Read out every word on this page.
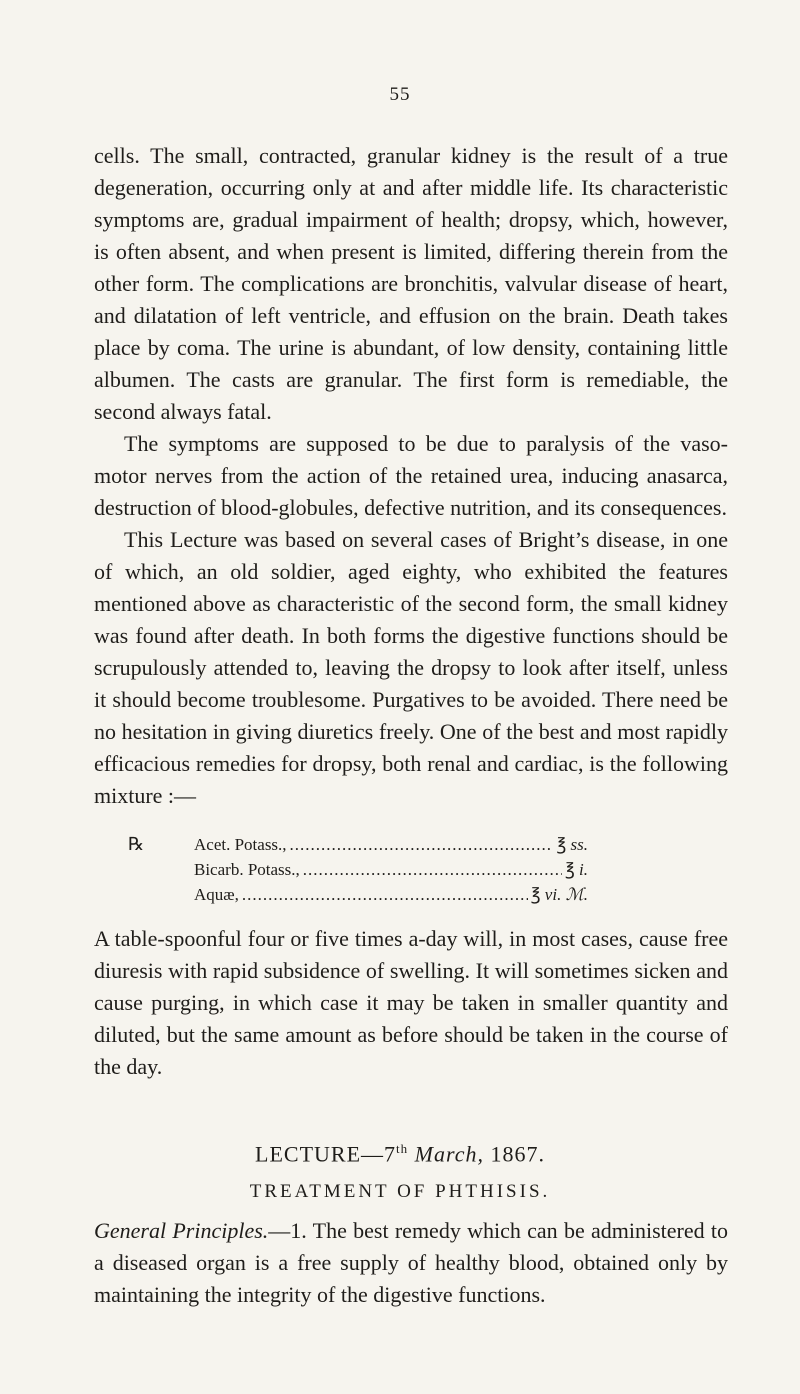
55

cells. The small, contracted, granular kidney is the result of a true degeneration, occurring only at and after middle life. Its characteristic symptoms are, gradual impairment of health; dropsy, which, however, is often absent, and when present is limited, differing therein from the other form. The complications are bronchitis, valvular disease of heart, and dilatation of left ventricle, and effusion on the brain. Death takes place by coma. The urine is abundant, of low density, containing little albumen. The casts are granular. The first form is remediable, the second always fatal.

The symptoms are supposed to be due to paralysis of the vaso-motor nerves from the action of the retained urea, inducing anasarca, destruction of blood-globules, defective nutrition, and its consequences.

This Lecture was based on several cases of Bright’s disease, in one of which, an old soldier, aged eighty, who exhibited the features mentioned above as characteristic of the second form, the small kidney was found after death. In both forms the digestive functions should be scrupulously attended to, leaving the dropsy to look after itself, unless it should become troublesome. Purgatives to be avoided. There need be no hesitation in giving diuretics freely. One of the best and most rapidly efficacious remedies for dropsy, both renal and cardiac, is the following mixture :—

℞	Acet. Potass., .....	℥ ss.
Bicarb. Potass., .....	℥ i.
Aquæ, .....	℥ vi. ℳ.

A table-spoonful four or five times a-day will, in most cases, cause free diuresis with rapid subsidence of swelling. It will sometimes sicken and cause purging, in which case it may be taken in smaller quantity and diluted, but the same amount as before should be taken in the course of the day.

LECTURE—7th March, 1867.
TREATMENT OF PHTHISIS.

General Principles.—1. The best remedy which can be administered to a diseased organ is a free supply of healthy blood, obtained only by maintaining the integrity of the digestive functions.
